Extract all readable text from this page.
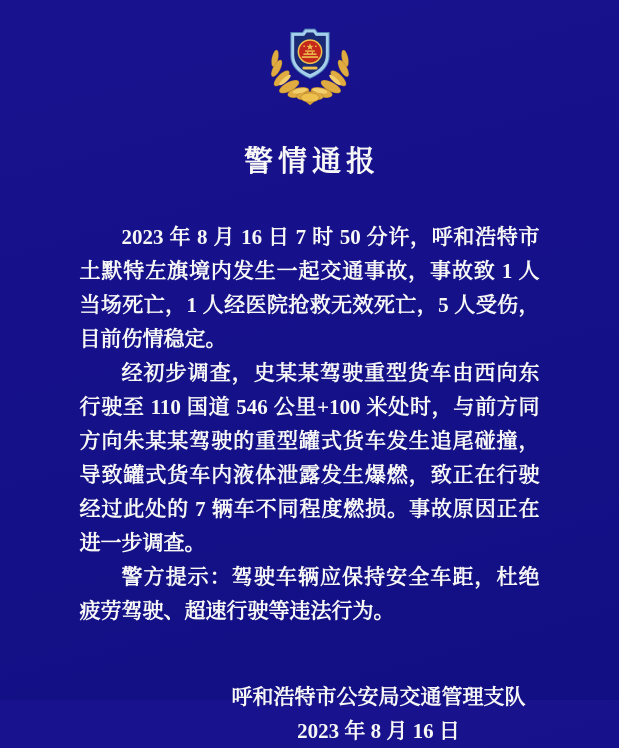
警情通报

2023 年 8 月 16 日 7 时 50 分许，呼和浩特市土默特左旗境内发生一起交通事故，事故致 1 人当场死亡，1 人经医院抢救无效死亡，5 人受伤，目前伤情稳定。

经初步调查，史某某驾驶重型货车由西向东行驶至 110 国道 546 公里+100 米处时，与前方同方向朱某某驾驶的重型罐式货车发生追尾碰撞，导致罐式货车内液体泄露发生爆燃，致正在行驶经过此处的 7 辆车不同程度燃损。事故原因正在进一步调查。

警方提示：驾驶车辆应保持安全车距，杜绝疲劳驾驶、超速行驶等违法行为。

呼和浩特市公安局交通管理支队
2023 年 8 月 16 日
